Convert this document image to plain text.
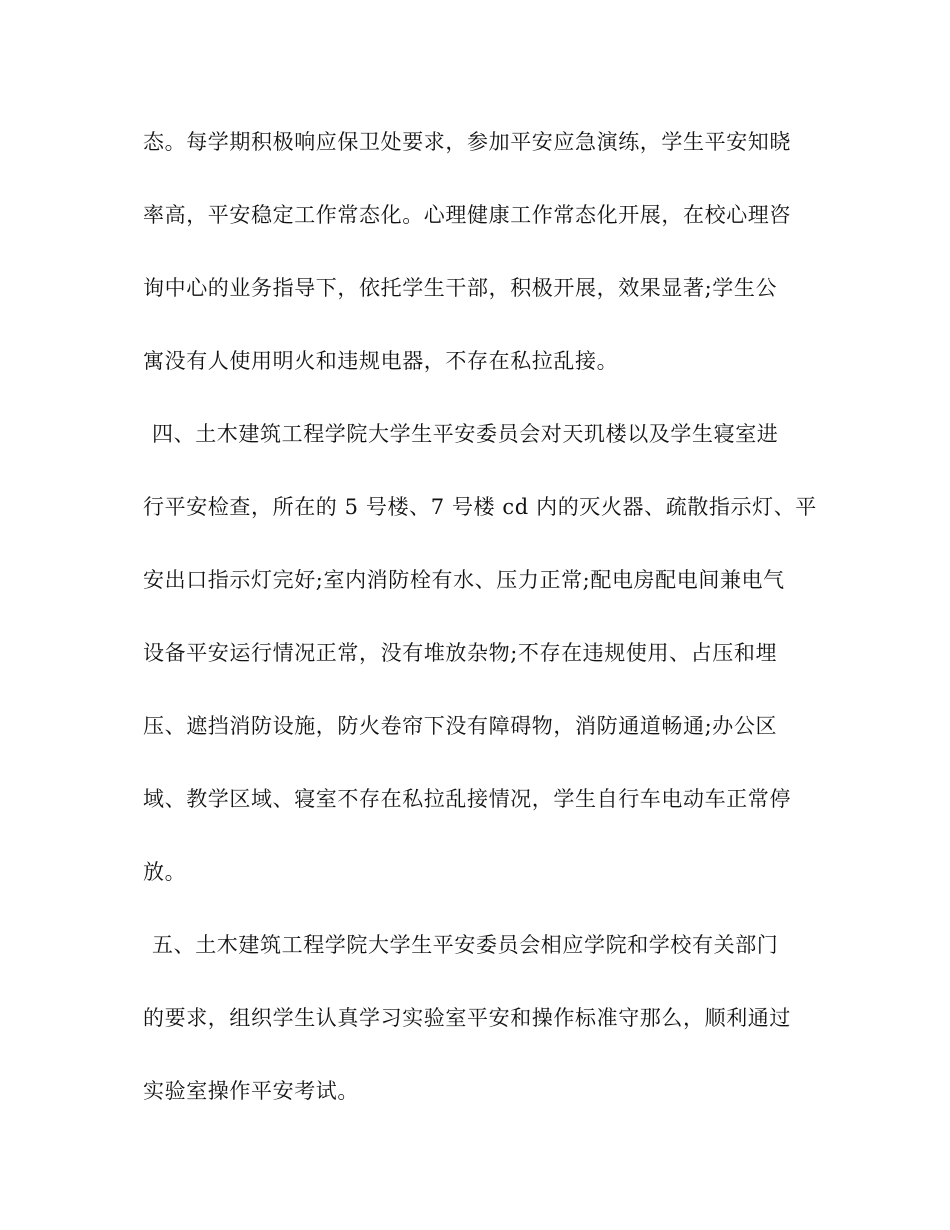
态。每学期积极响应保卫处要求，参加平安应急演练，学生平安知晓
率高，平安稳定工作常态化。心理健康工作常态化开展，在校心理咨
询中心的业务指导下，依托学生干部，积极开展，效果显著;学生公
寓没有人使用明火和违规电器，不存在私拉乱接。
四、土木建筑工程学院大学生平安委员会对天玑楼以及学生寝室进
行平安检查，所在的 5 号楼、7 号楼 cd 内的灭火器、疏散指示灯、平
安出口指示灯完好;室内消防栓有水、压力正常;配电房配电间兼电气
设备平安运行情况正常，没有堆放杂物;不存在违规使用、占压和埋
压、遮挡消防设施，防火卷帘下没有障碍物，消防通道畅通;办公区
域、教学区域、寝室不存在私拉乱接情况，学生自行车电动车正常停
放。
五、土木建筑工程学院大学生平安委员会相应学院和学校有关部门
的要求，组织学生认真学习实验室平安和操作标准守那么，顺利通过
实验室操作平安考试。
